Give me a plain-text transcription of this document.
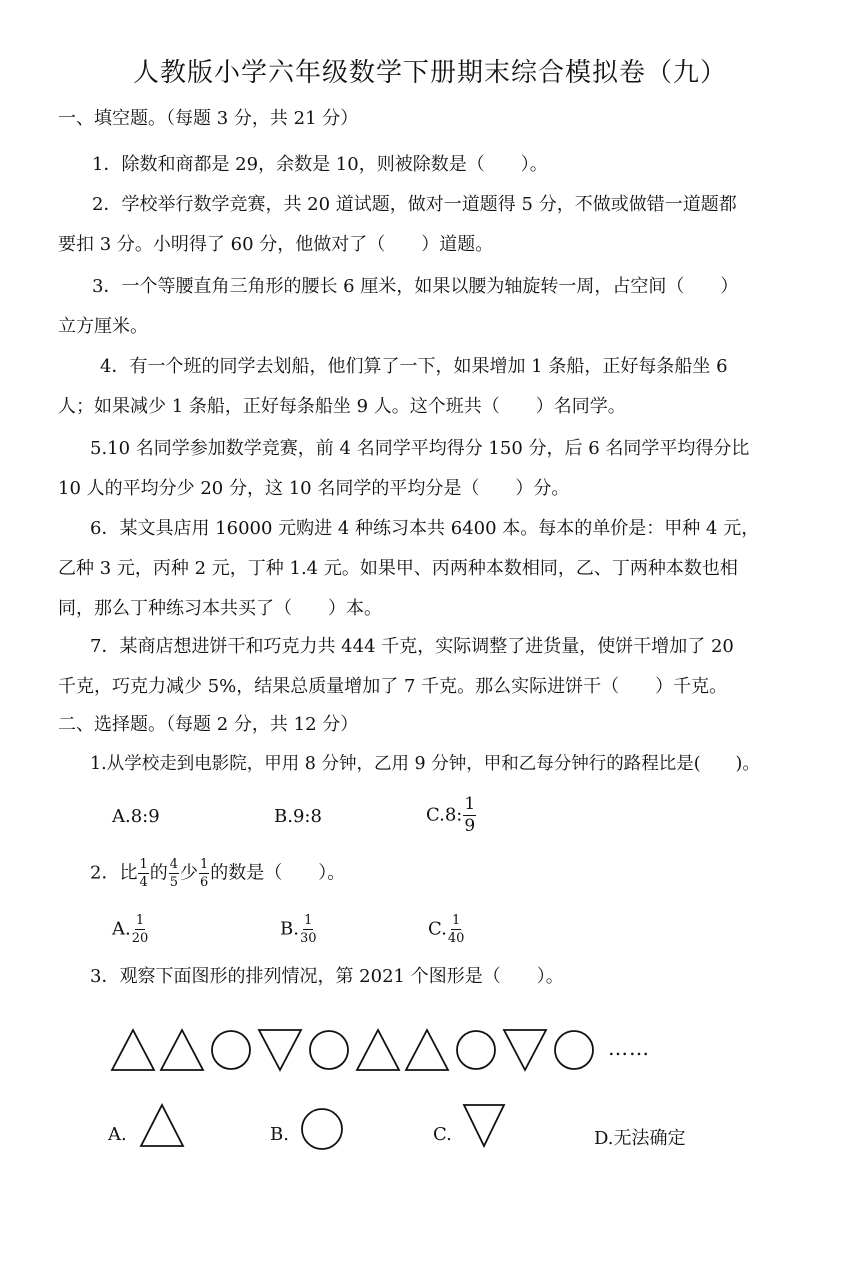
人教版小学六年级数学下册期末综合模拟卷（九）
一、填空题。（每题 3 分，共 21 分）
1．除数和商都是 29，余数是 10，则被除数是（　　）。
2．学校举行数学竞赛，共 20 道试题，做对一道题得 5 分，不做或做错一道题都
要扣 3 分。小明得了 60 分，他做对了（　　）道题。
3．一个等腰直角三角形的腰长 6 厘米，如果以腰为轴旋转一周，占空间（　　）
立方厘米。
4．有一个班的同学去划船，他们算了一下，如果增加 1 条船，正好每条船坐 6
人；如果减少 1 条船，正好每条船坐 9 人。这个班共（　　）名同学。
5.10 名同学参加数学竞赛，前 4 名同学平均得分 150 分，后 6 名同学平均得分比
10 人的平均分少 20 分，这 10 名同学的平均分是（　　）分。
6．某文具店用 16000 元购进 4 种练习本共 6400 本。每本的单价是：甲种 4 元，
乙种 3 元，丙种 2 元，丁种 1.4 元。如果甲、丙两种本数相同，乙、丁两种本数也相
同，那么丁种练习本共买了（　　）本。
7．某商店想进饼干和巧克力共 444 千克，实际调整了进货量，使饼干增加了 20
千克，巧克力减少 5%，结果总质量增加了 7 千克。那么实际进饼干（　　）千克。
二、选择题。（每题 2 分，共 12 分）
1.从学校走到电影院，甲用 8 分钟，乙用 9 分钟，甲和乙每分钟行的路程比是(　　)。
A.8:9	B.9:8	C.8: $\frac{1}{9}$
2．比 $\frac{1}{4}$ 的 $\frac{4}{5}$ 少 $\frac{1}{6}$ 的数是（　　）。
A. $\frac{1}{20}$	B. $\frac{1}{30}$	C. $\frac{1}{40}$
3．观察下面图形的排列情况，第 2021 个图形是（　　）。
……
A.	B.	C.	D.无法确定
